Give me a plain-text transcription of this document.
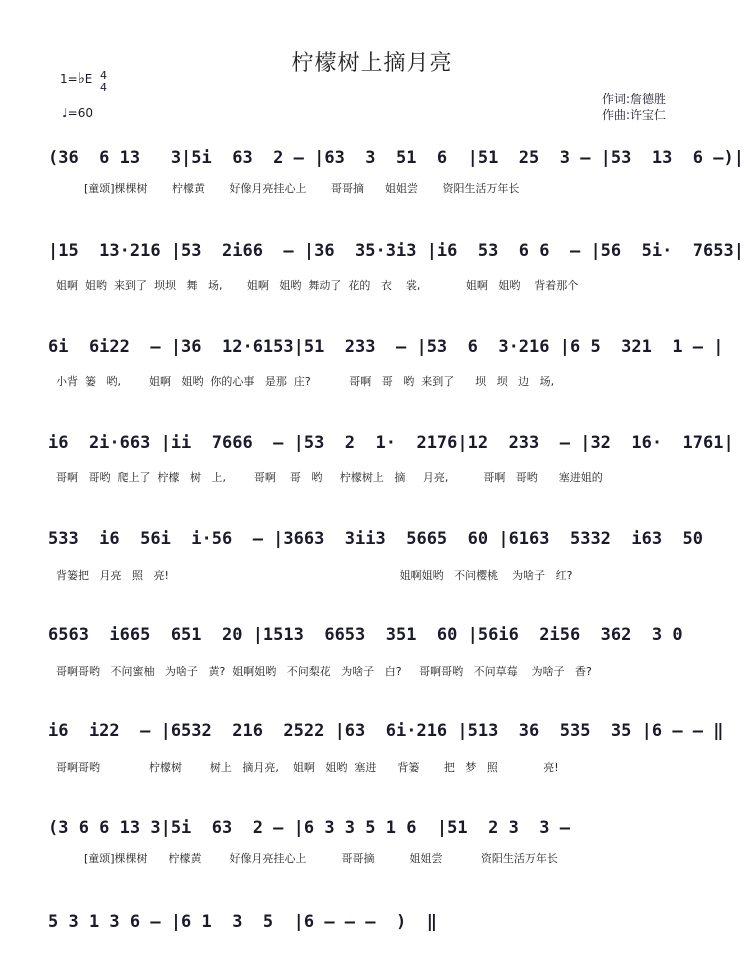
柠檬树上摘月亮
1=♭E 4
4
♩=60
作词:詹德胜
作曲:许宝仁
(36  6 13   3|5i  63  2 – |63  3  51  6  |51  25  3 – |53  13  6 –)|
[童颂]棵棵树       柠檬黄       好像月亮挂心上       哥哥摘      姐姐尝       资阳生活万年长
|15  13·216 |53  2i66  – |36  35·3i3 |i6  53  6 6  – |56  5i·  7653|
姐啊  姐哟  来到了  坝坝   舞   场,       姐啊   姐哟  舞动了  花的   衣    裳,             姐啊   姐哟    背着那个
6i  6i22  – |36  12·6153|51  233  – |53  6  3·216 |6 5  321  1 – |
小背  篓   哟,        姐啊   姐哟  你的心事   是那  庄?           哥啊   哥   哟  来到了      坝   坝   边   场,
i6  2i·663 |ii  7666  – |53  2  1·  2176|12  233  – |32  16·  1761|
哥啊   哥哟  爬上了  柠檬   树   上,        哥啊    哥   哟     柠檬树上   摘     月亮,          哥啊   哥哟      塞进姐的
533  i6  56i  i·56  – |3663  3ii3  5665  60 |6163  5332  i63  50
背篓把   月亮   照   亮!                                                                  姐啊姐哟   不问樱桃    为啥子   红?
6563  i665  651  20 |1513  6653  351  60 |56i6  2i56  362  3 0
哥啊哥哟   不问蜜柚   为啥子   黄?  姐啊姐哟   不问梨花   为啥子   白?     哥啊哥哟   不问草莓    为啥子   香?
i6  i22  – |6532  216  2522 |63  6i·216 |513  36  535  35 |6 – – ‖
哥啊哥哟              柠檬树        树上   摘月亮,    姐啊   姐哟  塞进      背篓       把   梦   照             亮!
(3 6 6 13 3|5i  63  2 – |6 3 3 5 1 6  |51  2 3  3 –
[童颂]棵棵树      柠檬黄        好像月亮挂心上          哥哥摘          姐姐尝           资阳生活万年长
5 3 1 3 6 – |6 1  3  5  |6 – – –  )  ‖
